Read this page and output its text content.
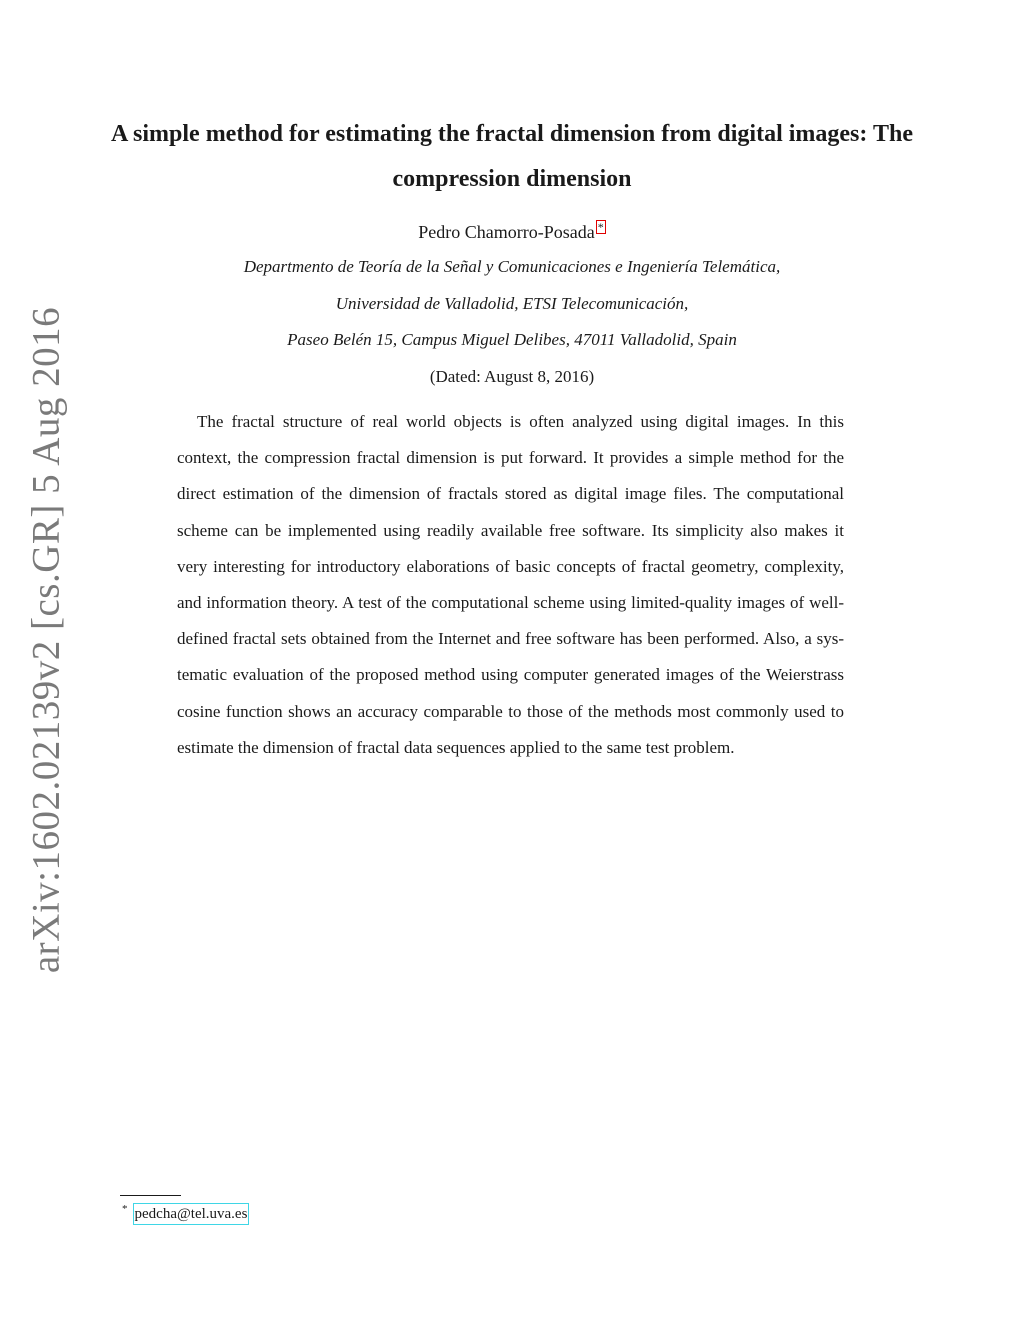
arXiv:1602.02139v2 [cs.GR] 5 Aug 2016
A simple method for estimating the fractal dimension from digital images: The compression dimension
Pedro Chamorro-Posada *
Departmento de Teoría de la Señal y Comunicaciones e Ingeniería Telemática,
Universidad de Valladolid, ETSI Telecomunicación,
Paseo Belén 15, Campus Miguel Delibes, 47011 Valladolid, Spain
(Dated: August 8, 2016)

The fractal structure of real world objects is often analyzed using digital images. In this context, the compression fractal dimension is put forward. It provides a simple method for the direct estimation of the dimension of fractals stored as digital image files. The computational scheme can be implemented using readily available free software. Its simplicity also makes it very interesting for introductory elaborations of basic concepts of fractal geometry, complexity, and information theory. A test of the computational scheme using limited-quality images of well-defined fractal sets obtained from the Internet and free software has been performed. Also, a systematic evaluation of the proposed method using computer generated images of the Weierstrass cosine function shows an accuracy comparable to those of the methods most commonly used to estimate the dimension of fractal data sequences applied to the same test problem.

* pedcha@tel.uva.es
